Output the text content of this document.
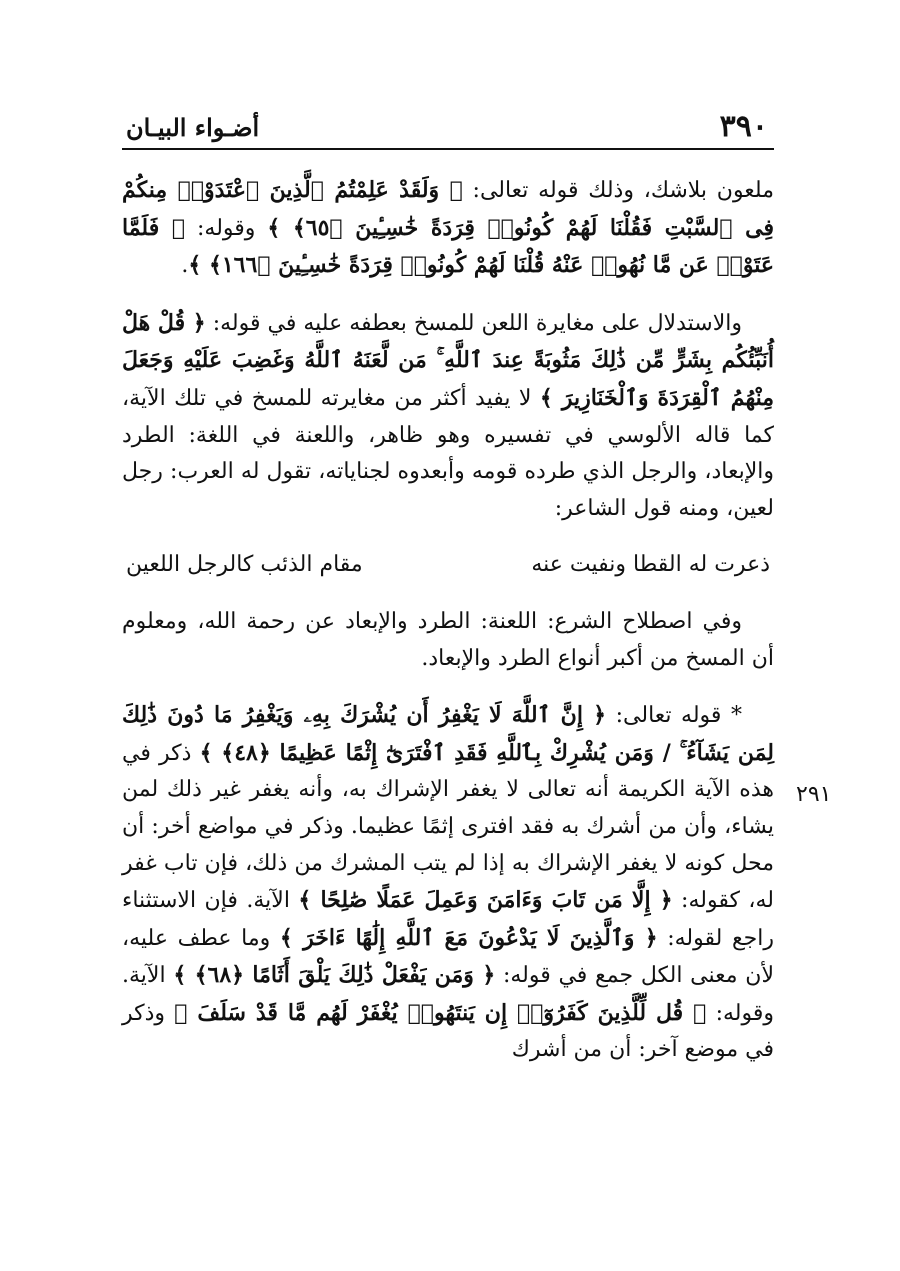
٣٩٠
أضـواء البيـان
٢٩١

ملعون بلاشك، وذلك قوله تعالى: ﴿ وَلَقَدْ عَلِمْتُمُ ٱلَّذِينَ ٱعْتَدَوْا۟ مِنكُمْ فِى ٱلسَّبْتِ فَقُلْنَا لَهُمْ كُونُوا۟ قِرَدَةً خَٰسِـِٔينَ ﴿٦٥﴾ ﴾ وقوله: ﴿ فَلَمَّا عَتَوْا۟ عَن مَّا نُهُوا۟ عَنْهُ قُلْنَا لَهُمْ كُونُوا۟ قِرَدَةً خَٰسِـِٔينَ ﴿١٦٦﴾ ﴾.

والاستدلال على مغايرة اللعن للمسخ بعطفه عليه في قوله: ﴿ قُلْ هَلْ أُنَبِّئُكُم بِشَرٍّ مِّن ذَٰلِكَ مَثُوبَةً عِندَ ٱللَّهِ ۚ مَن لَّعَنَهُ ٱللَّهُ وَغَضِبَ عَلَيْهِ وَجَعَلَ مِنْهُمُ ٱلْقِرَدَةَ وَٱلْخَنَازِيرَ ﴾ لا يفيد أكثر من مغايرته للمسخ في تلك الآية، كما قاله الألوسي في تفسيره وهو ظاهر، واللعنة في اللغة: الطرد والإبعاد، والرجل الذي طرده قومه وأبعدوه لجناياته، تقول له العرب: رجل لعين، ومنه قول الشاعر:

ذعرت له القطا ونفيت عنه
مقام الذئب كالرجل اللعين

وفي اصطلاح الشرع: اللعنة: الطرد والإبعاد عن رحمة الله، ومعلوم أن المسخ من أكبر أنواع الطرد والإبعاد.

* قوله تعالى: ﴿ إِنَّ ٱللَّهَ لَا يَغْفِرُ أَن يُشْرَكَ بِهِۦ وَيَغْفِرُ مَا دُونَ ذَٰلِكَ لِمَن يَشَآءُ ۚ / وَمَن يُشْرِكْ بِٱللَّهِ فَقَدِ ٱفْتَرَىٰٓ إِثْمًا عَظِيمًا ﴿٤٨﴾ ﴾ ذكر في هذه الآية الكريمة أنه تعالى لا يغفر الإشراك به، وأنه يغفر غير ذلك لمن يشاء، وأن من أشرك به فقد افترى إثمًا عظيما. وذكر في مواضع أخر: أن محل كونه لا يغفر الإشراك به إذا لم يتب المشرك من ذلك، فإن تاب غفر له، كقوله: ﴿ إِلَّا مَن تَابَ وَءَامَنَ وَعَمِلَ عَمَلًا صَٰلِحًا ﴾ الآية. فإن الاستثناء راجع لقوله: ﴿ وَٱلَّذِينَ لَا يَدْعُونَ مَعَ ٱللَّهِ إِلَٰهًا ءَاخَرَ ﴾ وما عطف عليه، لأن معنى الكل جمع في قوله: ﴿ وَمَن يَفْعَلْ ذَٰلِكَ يَلْقَ أَثَامًا ﴿٦٨﴾ ﴾ الآية. وقوله: ﴿ قُل لِّلَّذِينَ كَفَرُوٓا۟ إِن يَنتَهُوا۟ يُغْفَرْ لَهُم مَّا قَدْ سَلَفَ ﴾ وذكر في موضع آخر: أن من أشرك
